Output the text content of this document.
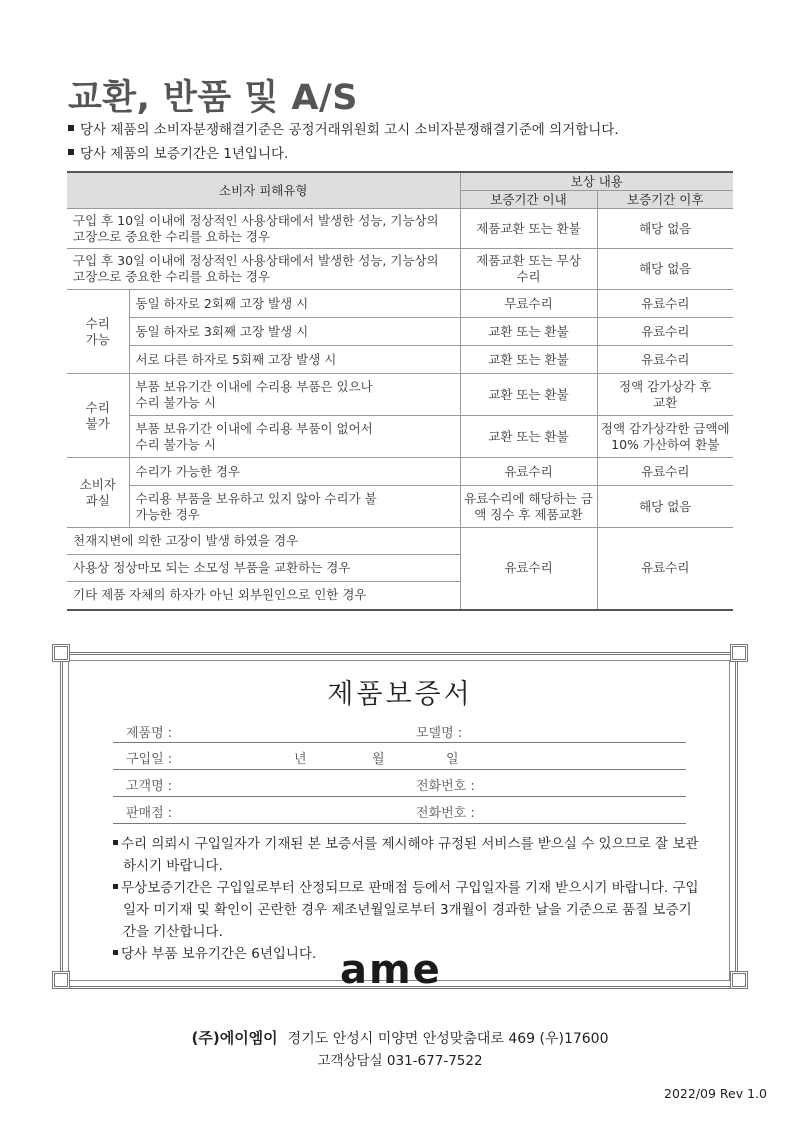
교환, 반품 및 A/S
당사 제품의 소비자분쟁해결기준은 공정거래위원회 고시 소비자분쟁해결기준에 의거합니다.
당사 제품의 보증기간은 1년입니다.
소비자 피해유형		보상 내용	
		보증기간 이내	보증기간 이후
구입 후 10일 이내에 정상적인 사용상태에서 발생한 성능, 기능상의 고장으로 중요한 수리를 요하는 경우		제품교환 또는 환불	해당 없음
구입 후 30일 이내에 정상적인 사용상태에서 발생한 성능, 기능상의 고장으로 중요한 수리를 요하는 경우		제품교환 또는 무상수리	해당 없음
수리 가능	동일 하자로 2회째 고장 발생 시	무료수리	유료수리
	동일 하자로 3회째 고장 발생 시	교환 또는 환불	유료수리
	서로 다른 하자로 5회째 고장 발생 시	교환 또는 환불	유료수리
수리 불가	부품 보유기간 이내에 수리용 부품은 있으나 수리 불가능 시	교환 또는 환불	정액 감가상각 후 교환
	부품 보유기간 이내에 수리용 부품이 없어서 수리 불가능 시	교환 또는 환불	정액 감가상각한 금액에 10% 가산하여 환불
소비자 과실	수리가 가능한 경우	유료수리	유료수리
	수리용 부품을 보유하고 있지 않아 수리가 불가능한 경우	유료수리에 해당하는 금액 징수 후 제품교환	해당 없음
천재지변에 의한 고장이 발생 하였을 경우		유료수리	유료수리
사용상 정상마모 되는 소모성 부품을 교환하는 경우			
기타 제품 자체의 하자가 아닌 외부원인으로 인한 경우			
제품보증서
제품명 :	모델명 :
구입일 :	년	월	일
고객명 :	전화번호 :
판매점 :	전화번호 :
수리 의뢰시 구입일자가 기재된 본 보증서를 제시해야 규정된 서비스를 받으실 수 있으므로 잘 보관하시기 바랍니다.
무상보증기간은 구입일로부터 산정되므로 판매점 등에서 구입일자를 기재 받으시기 바랍니다. 구입일자 미기재 및 확인이 곤란한 경우 제조년월일로부터 3개월이 경과한 날을 기준으로 품질 보증기간을 기산합니다.
당사 부품 보유기간은 6년입니다. ame
(주)에이엠이 경기도 안성시 미양면 안성맞춤대로 469 (우)17600
고객상담실 031-677-7522
2022/09 Rev 1.0
